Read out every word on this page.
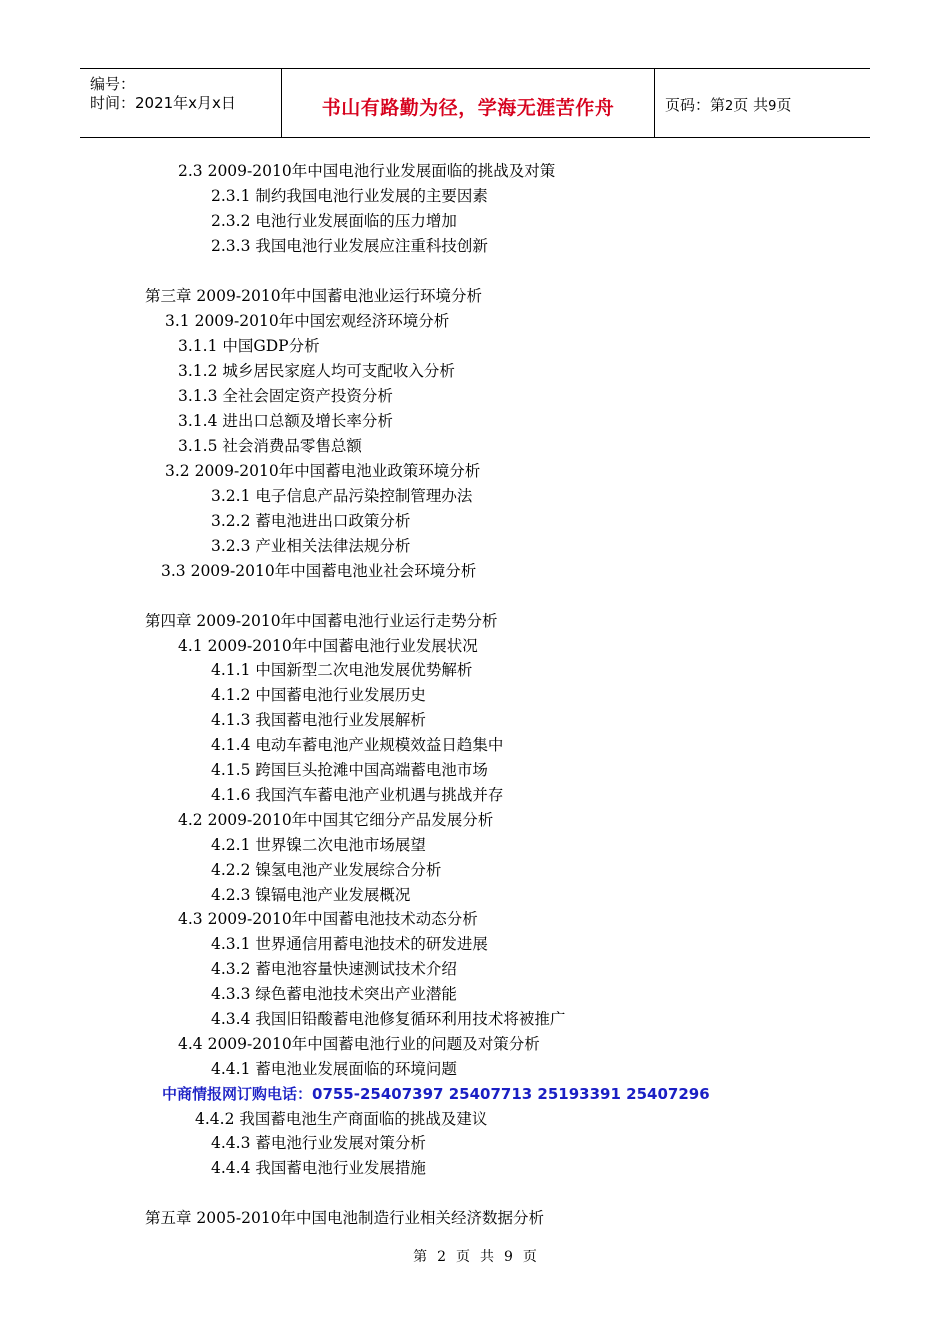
编号：
时间：2021年x月x日	书山有路勤为径，学海无涯苦作舟	页码：第2页 共9页
2.3 2009-2010年中国电池行业发展面临的挑战及对策
2.3.1 制约我国电池行业发展的主要因素
2.3.2 电池行业发展面临的压力增加
2.3.3 我国电池行业发展应注重科技创新
第三章 2009-2010年中国蓄电池业运行环境分析
3.1 2009-2010年中国宏观经济环境分析
3.1.1 中国GDP分析
3.1.2 城乡居民家庭人均可支配收入分析
3.1.3 全社会固定资产投资分析
3.1.4 进出口总额及增长率分析
3.1.5 社会消费品零售总额
3.2 2009-2010年中国蓄电池业政策环境分析
3.2.1 电子信息产品污染控制管理办法
3.2.2 蓄电池进出口政策分析
3.2.3 产业相关法律法规分析
3.3 2009-2010年中国蓄电池业社会环境分析
第四章 2009-2010年中国蓄电池行业运行走势分析
4.1 2009-2010年中国蓄电池行业发展状况
4.1.1 中国新型二次电池发展优势解析
4.1.2 中国蓄电池行业发展历史
4.1.3 我国蓄电池行业发展解析
4.1.4 电动车蓄电池产业规模效益日趋集中
4.1.5 跨国巨头抢滩中国高端蓄电池市场
4.1.6 我国汽车蓄电池产业机遇与挑战并存
4.2 2009-2010年中国其它细分产品发展分析
4.2.1 世界镍二次电池市场展望
4.2.2 镍氢电池产业发展综合分析
4.2.3 镍镉电池产业发展概况
4.3 2009-2010年中国蓄电池技术动态分析
4.3.1 世界通信用蓄电池技术的研发进展
4.3.2 蓄电池容量快速测试技术介绍
4.3.3 绿色蓄电池技术突出产业潜能
4.3.4 我国旧铅酸蓄电池修复循环利用技术将被推广
4.4 2009-2010年中国蓄电池行业的问题及对策分析
4.4.1 蓄电池业发展面临的环境问题
中商情报网订购电话：0755-25407397 25407713 25193391 25407296
4.4.2 我国蓄电池生产商面临的挑战及建议
4.4.3 蓄电池行业发展对策分析
4.4.4 我国蓄电池行业发展措施
第五章 2005-2010年中国电池制造行业相关经济数据分析
第 2 页 共 9 页
